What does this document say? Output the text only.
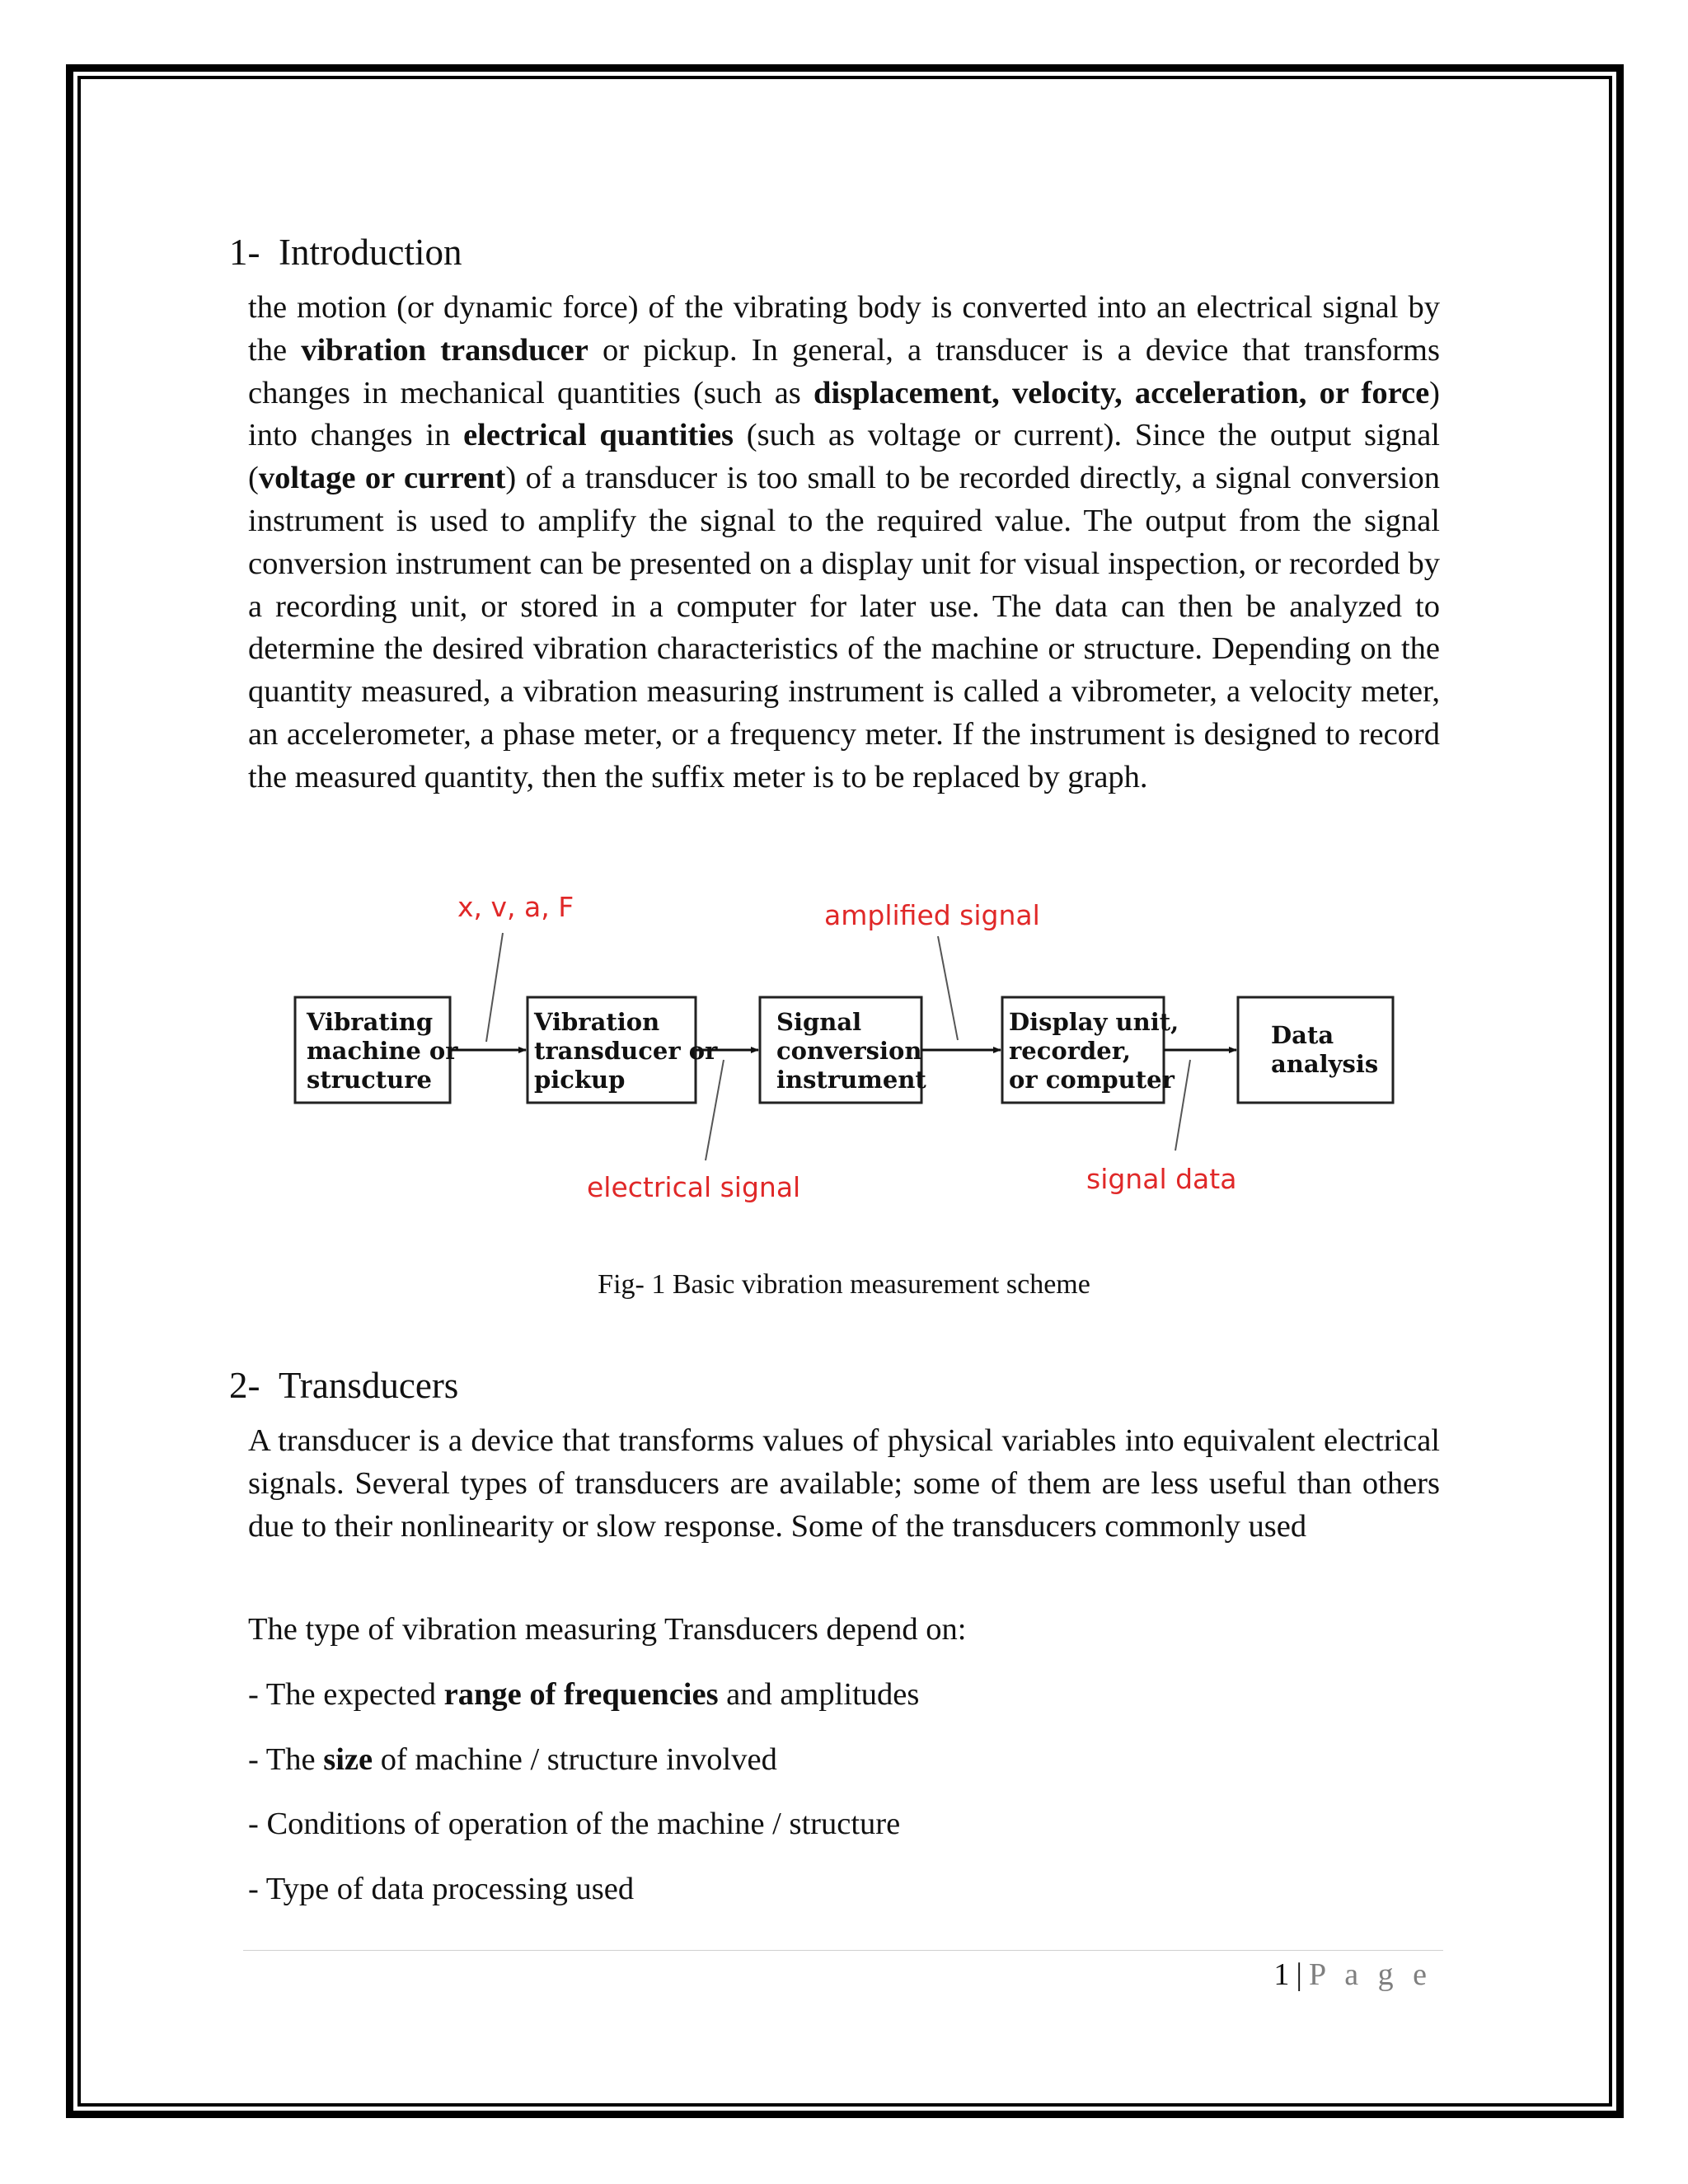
1- Introduction

the motion (or dynamic force) of the vibrating body is converted into an electrical signal by the vibration transducer or pickup. In general, a transducer is a device that transforms changes in mechanical quantities (such as displacement, velocity, acceleration, or force) into changes in electrical quantities (such as voltage or current). Since the output signal (voltage or current) of a transducer is too small to be recorded directly, a signal conversion instrument is used to amplify the signal to the required value. The output from the signal conversion instrument can be presented on a display unit for visual inspection, or recorded by a recording unit, or stored in a computer for later use. The data can then be analyzed to determine the desired vibration characteristics of the machine or structure. Depending on the quantity measured, a vibration measuring instrument is called a vibrometer, a velocity meter, an accelerometer, a phase meter, or a frequency meter. If the instrument is designed to record the measured quantity, then the suffix meter is to be replaced by graph.

Vibrating
machine or
structure
Vibration
transducer or
pickup
Signal
conversion
instrument
Display unit,
recorder,
or computer
Data
analysis
x, v, a, F	amplified signal
electrical signal	signal data
Fig- 1 Basic vibration measurement scheme
2- Transducers

A transducer is a device that transforms values of physical variables into equivalent electrical signals. Several types of transducers are available; some of them are less useful than others due to their nonlinearity or slow response. Some of the transducers commonly used

The type of vibration measuring Transducers depend on:
- The expected range of frequencies and amplitudes
- The size of machine / structure involved
- Conditions of operation of the machine / structure
- Type of data processing used
1 | P a g e
